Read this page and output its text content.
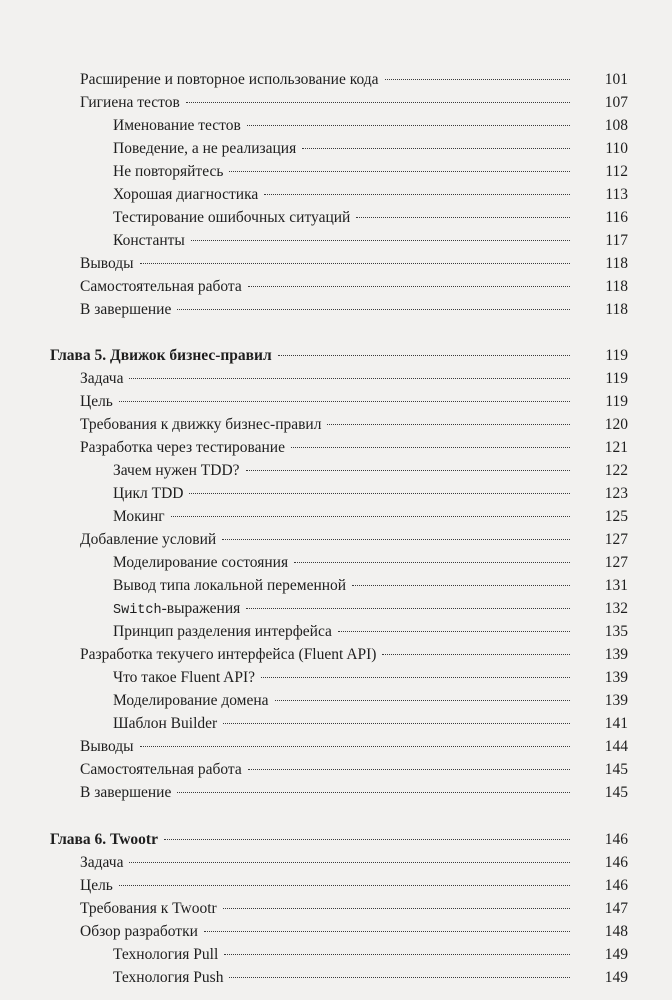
Расширение и повторное использование кода	101
Гигиена тестов	107
Именование тестов	108
Поведение, а не реализация	110
Не повторяйтесь	112
Хорошая диагностика	113
Тестирование ошибочных ситуаций	116
Константы	117
Выводы	118
Самостоятельная работа	118
В завершение	118
Глава 5. Движок бизнес-правил	119
Задача	119
Цель	119
Требования к движку бизнес-правил	120
Разработка через тестирование	121
Зачем нужен TDD?	122
Цикл TDD	123
Мокинг	125
Добавление условий	127
Моделирование состояния	127
Вывод типа локальной переменной	131
Switch -выражения	132
Принцип разделения интерфейса	135
Разработка текучего интерфейса (Fluent API)	139
Что такое Fluent API?	139
Моделирование домена	139
Шаблон Builder	141
Выводы	144
Самостоятельная работа	145
В завершение	145
Глава 6. Twootr	146
Задача	146
Цель	146
Требования к Twootr	147
Обзор разработки	148
Технология Pull	149
Технология Push	149
